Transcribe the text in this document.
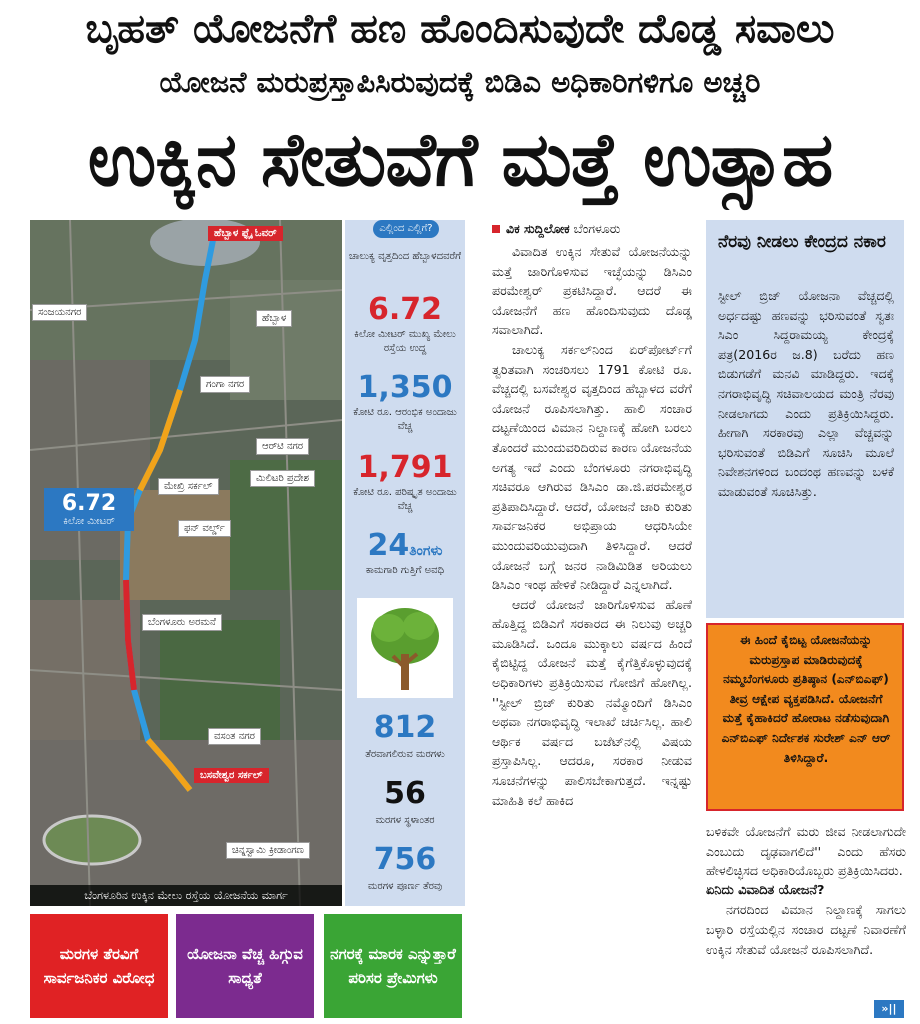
ಬೃಹತ್ ಯೋಜನೆಗೆ ಹಣ ಹೊಂದಿಸುವುದೇ ದೊಡ್ಡ ಸವಾಲು
ಯೋಜನೆ ಮರುಪ್ರಸ್ತಾಪಿಸಿರುವುದಕ್ಕೆ ಬಿಡಿಎ ಅಧಿಕಾರಿಗಳಿಗೂ ಅಚ್ಚರಿ
ಉಕ್ಕಿನ ಸೇತುವೆಗೆ ಮತ್ತೆ ಉತ್ಸಾಹ
ಹೆಬ್ಬಾಳ ಫ್ಲೈ ಓವರ್
ಸಂಜಯನಗರ
ಹೆಬ್ಬಾಳ
ಗಂಗಾ ನಗರ
ಆರ್‌ಟಿ ನಗರ
ಮೇಖ್ರಿ ಸರ್ಕಲ್
ಮಿಲಿಟರಿ ಪ್ರದೇಶ
ಫನ್ ವರ್ಲ್ಡ್
ಬೆಂಗಳೂರು ಅರಮನೆ
ವಸಂತ ನಗರ
ಬಸವೇಶ್ವರ ಸರ್ಕಲ್
ಚಿನ್ನಸ್ವಾಮಿ ಕ್ರೀಡಾಂಗಣ
6.72
ಕಿಲೋ ಮೀಟರ್
ಬೆಂಗಳೂರಿನ ಉಕ್ಕಿನ ಮೇಲು ರಸ್ತೆಯ ಯೋಜನೆಯ ಮಾರ್ಗ
ಎಲ್ಲಿಂದ ಎಲ್ಲಿಗೆ?
ಚಾಲುಕ್ಯ ವೃತ್ತದಿಂದ ಹೆಬ್ಬಾಳದವರೆಗೆ
6.72
ಕಿಲೋ ಮೀಟರ್ ಮುಖ್ಯ ಮೇಲು ರಸ್ತೆಯ ಉದ್ದ
1,350
ಕೋಟಿ ರೂ. ಆರಂಭಿಕ ಅಂದಾಜು ವೆಚ್ಚ
1,791
ಕೋಟಿ ರೂ. ಪರಿಷ್ಕೃತ ಅಂದಾಜು ವೆಚ್ಚ
24ತಿಂಗಳು
ಕಾಮಗಾರಿ ಗುತ್ತಿಗೆ ಅವಧಿ
812
ತೆರವಾಗಲಿರುವ ಮರಗಳು
56
ಮರಗಳ ಸ್ಥಳಾಂತರ
756
ಮರಗಳ ಪೂರ್ಣ ತೆರವು
ವಿಕ ಸುದ್ದಿಲೋಕ ಬೆಂಗಳೂರು

ವಿವಾದಿತ ಉಕ್ಕಿನ ಸೇತುವೆ ಯೋಜನೆಯನ್ನು ಮತ್ತೆ ಜಾರಿಗೊಳಿಸುವ ಇಚ್ಛೆಯನ್ನು ಡಿಸಿಎಂ ಪರಮೇಶ್ವರ್ ಪ್ರಕಟಿಸಿದ್ದಾರೆ. ಆದರೆ ಈ ಯೋಜನೆಗೆ ಹಣ ಹೊಂದಿಸುವುದು ದೊಡ್ಡ ಸವಾಲಾಗಿದೆ.

ಚಾಲುಕ್ಯ ಸರ್ಕಲ್‌ನಿಂದ ಏರ್‌ಪೋರ್ಟ್‌ಗೆ ತ್ವರಿತವಾಗಿ ಸಂಚರಿಸಲು 1791 ಕೋಟಿ ರೂ. ವೆಚ್ಚದಲ್ಲಿ ಬಸವೇಶ್ವರ ವೃತ್ತದಿಂದ ಹೆಬ್ಬಾಳದ ವರೆಗೆ ಯೋಜನೆ ರೂಪಿಸಲಾಗಿತ್ತು. ಹಾಲಿ ಸಂಚಾರ ದಟ್ಟಣೆಯಿಂದ ವಿಮಾನ ನಿಲ್ದಾಣಕ್ಕೆ ಹೋಗಿ ಬರಲು ತೊಂದರೆ ಮುಂದುವರಿದಿರುವ ಕಾರಣ ಯೋಜನೆಯ ಅಗತ್ಯ ಇದೆ ಎಂದು ಬೆಂಗಳೂರು ನಗರಾಭಿವೃದ್ಧಿ ಸಚಿವರೂ ಆಗಿರುವ ಡಿಸಿಎಂ ಡಾ.ಜಿ.ಪರಮೇಶ್ವರ ಪ್ರತಿಪಾದಿಸಿದ್ದಾರೆ. ಆದರೆ, ಯೋಜನೆ ಜಾರಿ ಕುರಿತು ಸಾರ್ವಜನಿಕರ ಅಭಿಪ್ರಾಯ ಆಧರಿಸಿಯೇ ಮುಂದುವರಿಯುವುದಾಗಿ ತಿಳಿಸಿದ್ದಾರೆ. ಆದರೆ ಯೋಜನೆ ಬಗ್ಗೆ ಜನರ ನಾಡಿಮಿಡಿತ ಅರಿಯಲು ಡಿಸಿಎಂ ಇಂಥ ಹೇಳಿಕೆ ನೀಡಿದ್ದಾರೆ ಎನ್ನಲಾಗಿದೆ.

ಆದರೆ ಯೋಜನೆ ಜಾರಿಗೊಳಿಸುವ ಹೊಣೆ ಹೊತ್ತಿದ್ದ ಬಿಡಿಎಗೆ ಸರಕಾರದ ಈ ನಿಲುವು ಅಚ್ಚರಿ ಮೂಡಿಸಿದೆ. ಒಂದೂ ಮುಕ್ಕಾಲು ವರ್ಷದ ಹಿಂದೆ ಕೈಬಿಟ್ಟಿದ್ದ ಯೋಜನೆ ಮತ್ತೆ ಕೈಗೆತ್ತಿಕೊಳ್ಳುವುದಕ್ಕೆ ಅಧಿಕಾರಿಗಳು ಪ್ರತಿಕ್ರಿಯಿಸುವ ಗೋಜಿಗೆ ಹೋಗಿಲ್ಲ. ''ಸ್ಟೀಲ್ ಬ್ರಿಜ್ ಕುರಿತು ನಮ್ಮೊಂದಿಗೆ ಡಿಸಿಎಂ ಅಥವಾ ನಗರಾಭಿವೃದ್ಧಿ ಇಲಾಖೆ ಚರ್ಚಿಸಿಲ್ಲ. ಹಾಲಿ ಆರ್ಥಿಕ ವರ್ಷದ ಬಜೆಟ್‌ನಲ್ಲಿ ವಿಷಯ ಪ್ರಸ್ತಾಪಿಸಿಲ್ಲ. ಆದರೂ, ಸರಕಾರ ನೀಡುವ ಸೂಚನೆಗಳನ್ನು ಪಾಲಿಸಬೇಕಾಗುತ್ತದೆ. ಇನ್ನಷ್ಟು ಮಾಹಿತಿ ಕಲೆ ಹಾಕಿದ

ನೆರವು ನೀಡಲು ಕೇಂದ್ರದ ನಕಾರ
ಸ್ಟೀಲ್ ಬ್ರಿಜ್ ಯೋಜನಾ ವೆಚ್ಚದಲ್ಲಿ ಅರ್ಧದಷ್ಟು ಹಣವನ್ನು ಭರಿಸುವಂತೆ ಸ್ವತಃ ಸಿಎಂ ಸಿದ್ದರಾಮಯ್ಯ ಕೇಂದ್ರಕ್ಕೆ ಪತ್ರ(2016ರ ಜ.8) ಬರೆದು ಹಣ ಬಿಡುಗಡೆಗೆ ಮನವಿ ಮಾಡಿದ್ದರು. ಇದಕ್ಕೆ ನಗರಾಭಿವೃದ್ಧಿ ಸಚಿವಾಲಯದ ಮಂತ್ರಿ ನೆರವು ನೀಡಲಾಗದು ಎಂದು ಪ್ರತಿಕ್ರಿಯಿಸಿದ್ದರು. ಹೀಗಾಗಿ ಸರಕಾರವು ಎಲ್ಲಾ ವೆಚ್ಚವನ್ನು ಭರಿಸುವಂತೆ ಬಿಡಿಎಗೆ ಸೂಚಿಸಿ ಮೂಲೆ ನಿವೇಶನಗಳಿಂದ ಬಂದಂಥ ಹಣವನ್ನು ಬಳಕೆ ಮಾಡುವಂತೆ ಸೂಚಿಸಿತ್ತು.
ಈ ಹಿಂದೆ ಕೈಬಿಟ್ಟ ಯೋಜನೆಯನ್ನು ಮರುಪ್ರಸ್ತಾಪ ಮಾಡಿರುವುದಕ್ಕೆ ನಮ್ಮಬೆಂಗಳೂರು ಪ್ರತಿಷ್ಠಾನ (ಎನ್‌ಬಿಎಫ್) ತೀವ್ರ ಆಕ್ಷೇಪ ವ್ಯಕ್ತಪಡಿಸಿದೆ. ಯೋಜನೆಗೆ ಮತ್ತೆ ಕೈಹಾಕಿದರೆ ಹೋರಾಟ ನಡೆಸುವುದಾಗಿ ಎನ್‌ಬಿಎಫ್ ನಿರ್ದೇಶಕ ಸುರೇಶ್ ಎನ್ ಆರ್ ತಿಳಿಸಿದ್ದಾರೆ.

ಬಳಿಕವೇ ಯೋಜನೆಗೆ ಮರು ಜೀವ ನೀಡಲಾಗುದೇ ಎಂಬುದು ದೃಢವಾಗಲಿದೆ'' ಎಂದು ಹೆಸರು ಹೇಳಲಿಚ್ಛಿಸದ ಅಧಿಕಾರಿಯೊಬ್ಬರು ಪ್ರತಿಕ್ರಿಯಿಸಿದರು.

ಏನಿದು ವಿವಾದಿತ ಯೋಜನೆ?

ನಗರದಿಂದ ವಿಮಾನ ನಿಲ್ದಾಣಕ್ಕೆ ಸಾಗಲು ಬಳ್ಳಾರಿ ರಸ್ತೆಯಲ್ಲಿನ ಸಂಚಾರ ದಟ್ಟಣೆ ನಿವಾರಣೆಗೆ ಉಕ್ಕಿನ ಸೇತುವೆ ಯೋಜನೆ ರೂಪಿಸಲಾಗಿದೆ.

ಮರಗಳ ತೆರವಿಗೆ ಸಾರ್ವಜನಿಕರ ವಿರೋಧ
ಯೋಜನಾ ವೆಚ್ಚ ಹಿಗ್ಗುವ ಸಾಧ್ಯತೆ
ನಗರಕ್ಕೆ ಮಾರಕ ಎನ್ನುತ್ತಾರೆ ಪರಿಸರ ಪ್ರೇಮಿಗಳು
»||
